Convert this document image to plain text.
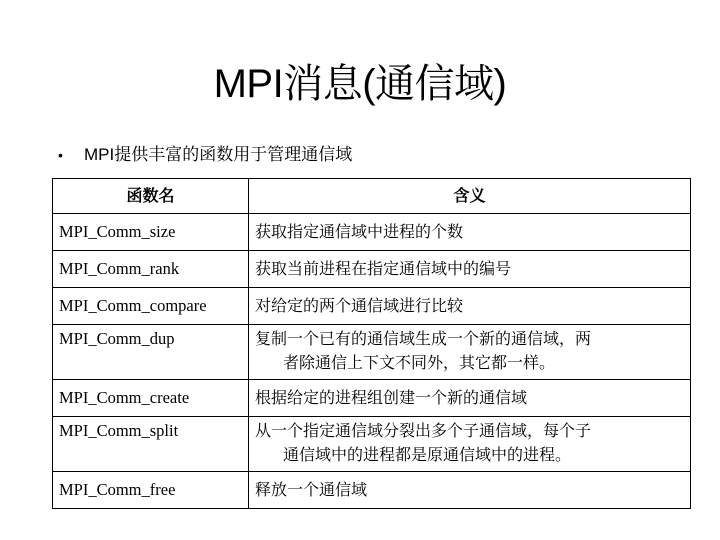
MPI消息(通信域)
•	MPI提供丰富的函数用于管理通信域
函数名	含义
MPI_Comm_size	获取指定通信域中进程的个数
MPI_Comm_rank	获取当前进程在指定通信域中的编号
MPI_Comm_compare	对给定的两个通信域进行比较
MPI_Comm_dup	复制一个已有的通信域生成一个新的通信域，两
者除通信上下文不同外，其它都一样。

MPI_Comm_create	根据给定的进程组创建一个新的通信域
MPI_Comm_split	从一个指定通信域分裂出多个子通信域，每个子
通信域中的进程都是原通信域中的进程。

MPI_Comm_free	释放一个通信域
